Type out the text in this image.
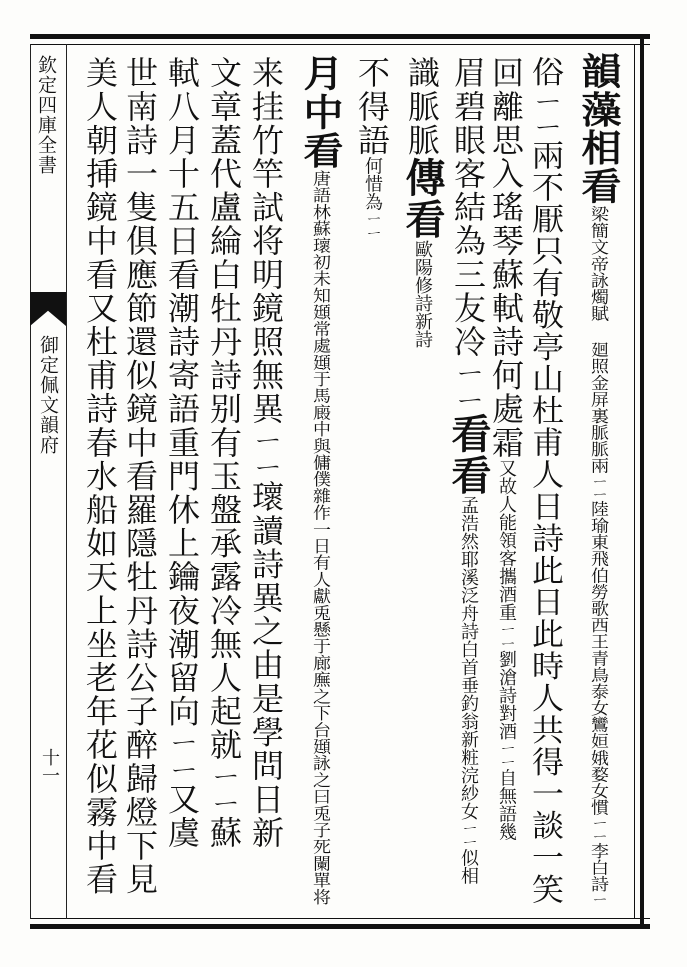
欽定四庫全書
御定佩文韻府
十一
韻藻相看梁簡文帝詠燭賦 廻照金屏裏脈脈兩ㄧㄧ陸瑜東飛伯勞歌西王青鳥泰女鸞姮娥婺女慣ㄧㄧ李白詩ㄧ
俗ㄧㄧ兩不厭只有敬亭山杜甫人日詩此日此時人共得一談一笑
回離思入瑤琴蘇軾詩何處霜又故人能領客攜酒重ㄧㄧ劉滄詩對酒ㄧㄧ自無語幾
眉碧眼客結為三友冷ㄧㄧ看看孟浩然耶溪泛舟詩白首垂釣翁新粧浣紗女ㄧㄧ似相
識脈脈傳看歐陽修詩新詩
不得語何惜為ㄧㄧ
月中看唐語林蘇瓌初未知頲常處頲于馬廄中與傭僕雜作一日有人獻兎懸于廊廡之下台頲詠之曰兎子死闌單将
来挂竹竿試将明鏡照無異ㄧㄧ瓌讀詩異之由是學問日新
文章蓋代盧綸白牡丹詩别有玉盤承露冷無人起就ㄧㄧ蘇
軾八月十五日看潮詩寄語重門休上鑰夜潮留向ㄧㄧ又虞
世南詩一隻俱應節還似鏡中看羅隱牡丹詩公子醉歸燈下見
美人朝挿鏡中看又杜甫詩春水船如天上坐老年花似霧中看
